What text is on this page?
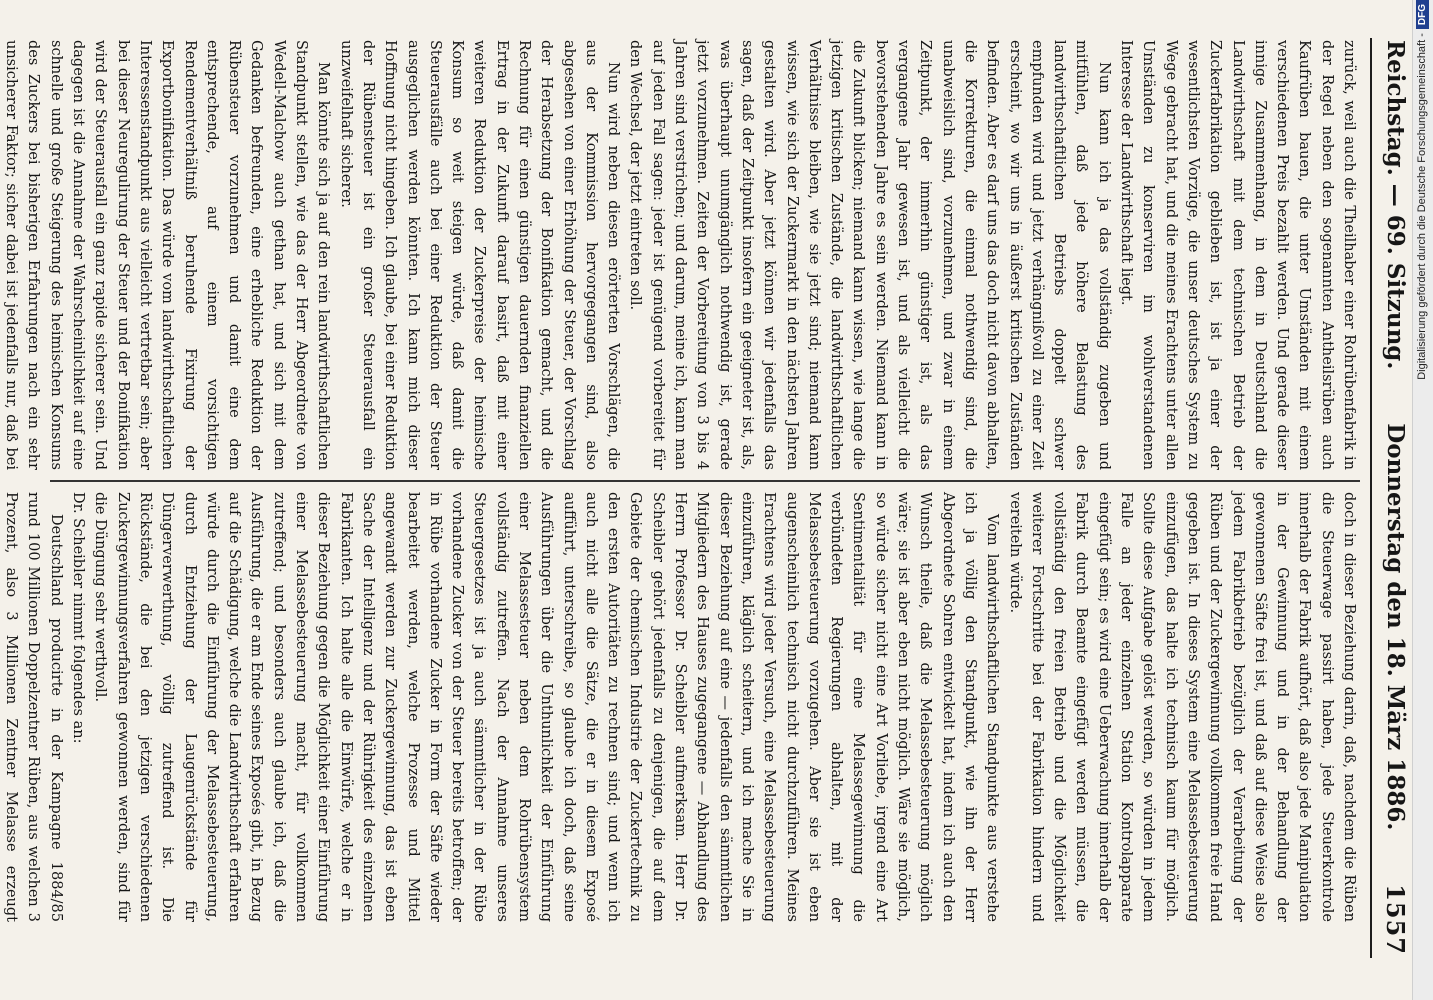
Reichstag. — 69. Sitzung.
Donnerstag den 18. März 1886.
1557

zurück, weil auch die Theilhaber einer Rohrübenfabrik in der Regel neben den sogenannten Antheilsrüben auch Kaufrüben bauen, die unter Umständen mit einem verschiedenen Preis bezahlt werden. Und gerade dieser innige Zusammenhang, in dem in Deutschland die Landwirthschaft mit dem technischen Betrieb der Zuckerfabrikation geblieben ist, ist ja einer der wesentlichsten Vorzüge, die unser deutsches System zu Wege gebracht hat, und die meines Erachtens unter allen Umständen zu konserviren im wohlverstandenen Interesse der Landwirthschaft liegt.

Nun kann ich ja das vollständig zugeben und mitfühlen, daß jede höhere Belastung des landwirthschaftlichen Betriebs doppelt schwer empfunden wird und jetzt verhängnißvoll zu einer Zeit erscheint, wo wir uns in äußerst kritischen Zuständen befinden. Aber es darf uns das doch nicht davon abhalten, die Korrekturen, die einmal nothwendig sind, die unabweislich sind, vorzunehmen, und zwar in einem Zeitpunkt, der immerhin günstiger ist, als das vergangene Jahr gewesen ist, und als vielleicht die bevorstehenden Jahre es sein werden. Niemand kann in die Zukunft blicken; niemand kann wissen, wie lange die jetzigen kritischen Zustände, die landwirthschaftlichen Verhältnisse bleiben, wie sie jetzt sind; niemand kann wissen, wie sich der Zuckermarkt in den nächsten Jahren gestalten wird. Aber jetzt können wir jedenfalls das sagen, daß der Zeitpunkt insofern ein geeigneter ist, als, was überhaupt unumgänglich nothwendig ist, gerade jetzt vorzunehmen. Zeiten der Vorbereitung von 3 bis 4 Jahren sind verstrichen; und darum, meine ich, kann man auf jeden Fall sagen: jeder ist genügend vorbereitet für den Wechsel, der jetzt eintreten soll.

Nun wird neben diesen erörterten Vorschlägen, die aus der Kommission hervorgegangen sind, also abgesehen von einer Erhöhung der Steuer, der Vorschlag der Herabsetzung der Bonifikation gemacht, und die Rechnung für einen günstigen dauernden finanziellen Ertrag in der Zukunft darauf basirt, daß mit einer weiteren Reduktion der Zuckerpreise der heimische Konsum so weit steigen würde, daß damit die Steuerausfälle auch bei einer Reduktion der Steuer ausgeglichen werden könnten. Ich kann mich dieser Hoffnung nicht hingeben. Ich glaube, bei einer Reduktion der Rübensteuer ist ein großer Steuerausfall ein unzweifelhaft sicherer.

Man könnte sich ja auf den rein landwirthschaftlichen Standpunkt stellen, wie das der Herr Abgeordnete von Wedell-Malchow auch gethan hat, und sich mit dem Gedanken befreunden, eine erhebliche Reduktion der Rübensteuer vorzunehmen und damit eine dem entsprechende, auf einem vorsichtigen Rendementverhältniß beruhende Fixirung der Exportbonifikation. Das würde vom landwirthschaftlichen Interessenstandpunkt aus vielleicht vertretbar sein; aber bei dieser Neuregulirung der Steuer und der Bonifikation wird der Steuerausfall ein ganz rapide sicherer sein. Und dagegen ist die Annahme der Wahrscheinlichkeit auf eine schnelle und große Steigerung des heimischen Konsums des Zuckers bei bisherigen Erfahrungen nach ein sehr unsicherer Faktor; sicher dabei ist jedenfalls nur, daß bei

doch in dieser Beziehung darin, daß, nachdem die Rüben die Steuerwage passirt haben, jede Steuerkontrole innerhalb der Fabrik aufhört, daß also jede Manipulation in der Gewinnung und in der Behandlung der gewonnenen Säfte frei ist, und daß auf diese Weise also jedem Fabrikbetrieb bezüglich der Verarbeitung der Rüben und der Zuckergewinnung vollkommen freie Hand gegeben ist. In dieses System eine Melassebesteuerung einzufügen, das halte ich technisch kaum für möglich. Sollte diese Aufgabe gelöst werden, so würden in jedem Falle an jeder einzelnen Station Kontrolapparate eingefügt sein; es wird eine Ueberwachung innerhalb der Fabrik durch Beamte eingefügt werden müssen, die vollständig den freien Betrieb und die Möglichkeit weiterer Fortschritte bei der Fabrikation hindern und vereiteln würde.

Vom landwirthschaftlichen Standpunkte aus verstehe ich ja völlig den Standpunkt, wie ihn der Herr Abgeordnete Sohren entwickelt hat, indem ich auch den Wunsch theile, daß die Melassebesteuerung möglich wäre; sie ist aber eben nicht möglich. Wäre sie möglich, so würde sicher nicht eine Art Vorliebe, irgend eine Art Sentimentalität für eine Melassegewinnung die verbündeten Regierungen abhalten, mit der Melassebesteuerung vorzugehen. Aber sie ist eben augenscheinlich technisch nicht durchzuführen. Meines Erachtens wird jeder Versuch, eine Melassebesteuerung einzuführen, kläglich scheitern, und ich mache Sie in dieser Beziehung auf eine — jedenfalls den sämmtlichen Mitgliedern des Hauses zugegangene — Abhandlung des Herrn Professor Dr. Scheibler aufmerksam. Herr Dr. Scheibler gehört jedenfalls zu denjenigen, die auf dem Gebiete der chemischen Industrie der Zuckertechnik zu den ersten Autoritäten zu rechnen sind; und wenn ich auch nicht alle die Sätze, die er in diesem Exposé aufführt, unterschreibe, so glaube ich doch, daß seine Ausführungen über die Unthunlichkeit der Einführung einer Melassesteuer neben dem Rohrübensystem vollständig zutreffen. Nach der Annahme unseres Steuergesetzes ist ja auch sämmtlicher in der Rübe vorhandene Zucker von der Steuer bereits betroffen; der in Rübe vorhandene Zucker in Form der Säfte wieder bearbeitet werden, welche Prozesse und Mittel angewandt werden zur Zuckergewinnung, das ist eben Sache der Intelligenz und der Rührigkeit des einzelnen Fabrikanten. Ich halte alle die Einwürfe, welche er in dieser Beziehung gegen die Möglichkeit einer Einführung einer Melassebesteuerung macht, für vollkommen zutreffend; und besonders auch glaube ich, daß die Ausführung, die er am Ende seines Exposés gibt, in Bezug auf die Schädigung, welche die Landwirthschaft erfahren würde durch die Einführung der Melassebesteuerung, durch Entziehung der Laugenrückstände für Düngerverwerthung, völlig zutreffend ist. Die Rückstände, die bei den jetzigen verschiedenen Zuckergewinnungsverfahren gewonnen werden, sind für die Düngung sehr werthvoll.

Dr. Scheibler nimmt folgendes an:

Deutschland producirte in der Kampagne 1884/85 rund 100 Millionen Doppelzentner Rüben, aus welchen 3 Prozent, also 3 Millionen Zentner Melasse erzeugt

Digitalisierung gefördert durch die Deutsche Forschungsgemeinschaft -
DFG
